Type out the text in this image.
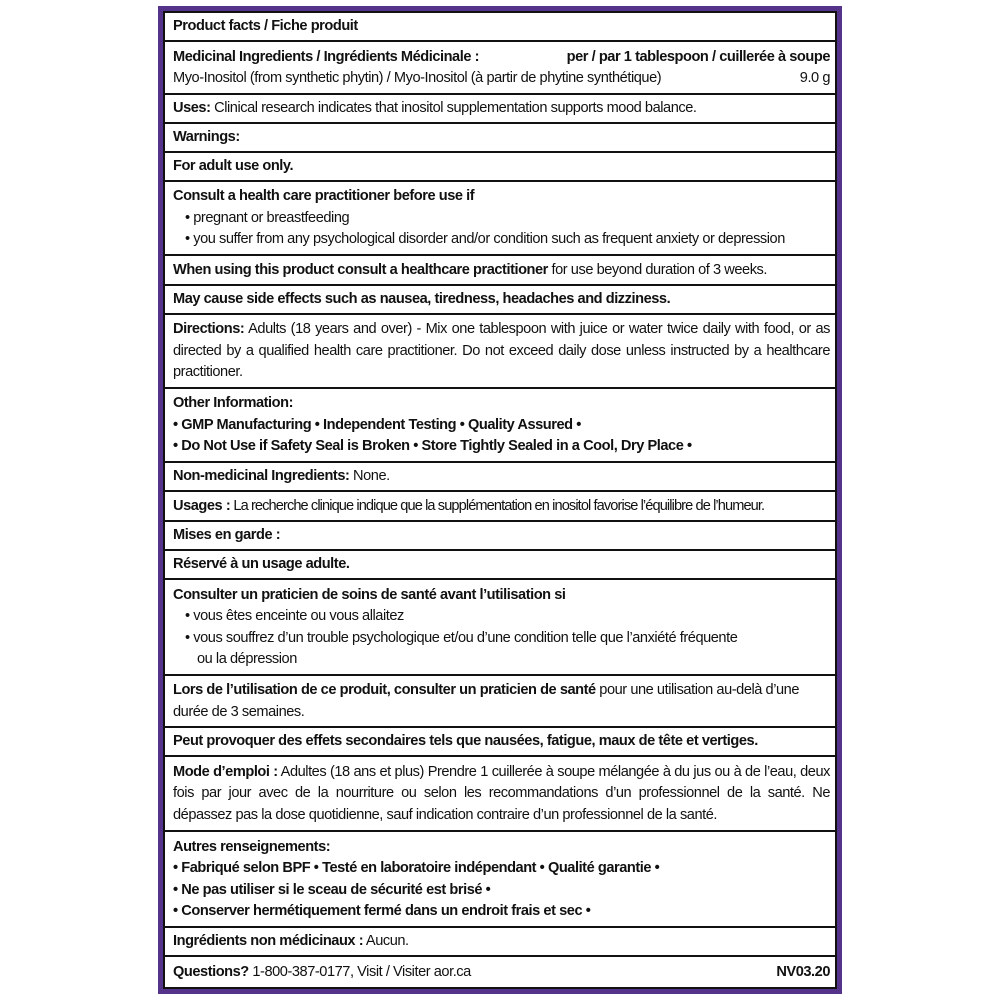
Product facts / Fiche produit
Medicinal Ingredients / Ingrédients Médicinale :	per / par 1 tablespoon / cuillerée à soupe
Myo-Inositol (from synthetic phytin) / Myo-Inositol (à partir de phytine synthétique)	9.0 g
Uses: Clinical research indicates that inositol supplementation supports mood balance.
Warnings:
For adult use only.
Consult a health care practitioner before use if
• pregnant or breastfeeding
• you suffer from any psychological disorder and/or condition such as frequent anxiety or depression
When using this product consult a healthcare practitioner for use beyond duration of 3 weeks.
May cause side effects such as nausea, tiredness, headaches and dizziness.
Directions: Adults (18 years and over) - Mix one tablespoon with juice or water twice daily with food, or as directed by a qualified health care practitioner. Do not exceed daily dose unless instructed by a healthcare practitioner.
Other Information:
• GMP Manufacturing • Independent Testing • Quality Assured •
• Do Not Use if Safety Seal is Broken • Store Tightly Sealed in a Cool, Dry Place •
Non-medicinal Ingredients: None.
Usages : La recherche clinique indique que la supplémentation en inositol favorise l’équilibre de l’humeur.
Mises en garde :
Réservé à un usage adulte.
Consulter un praticien de soins de santé avant l’utilisation si
• vous êtes enceinte ou vous allaitez
• vous souffrez d’un trouble psychologique et/ou d’une condition telle que l’anxiété fréquente
ou la dépression
Lors de l’utilisation de ce produit, consulter un praticien de santé pour une utilisation au-delà d’une durée de 3 semaines.
Peut provoquer des effets secondaires tels que nausées, fatigue, maux de tête et vertiges.
Mode d’emploi : Adultes (18 ans et plus) Prendre 1 cuillerée à soupe mélangée à du jus ou à de l’eau, deux fois par jour avec de la nourriture ou selon les recommandations d’un professionnel de la santé. Ne dépassez pas la dose quotidienne, sauf indication contraire d’un professionnel de la santé.
Autres renseignements:
• Fabriqué selon BPF • Testé en laboratoire indépendant • Qualité garantie •
• Ne pas utiliser si le sceau de sécurité est brisé •
• Conserver hermétiquement fermé dans un endroit frais et sec •
Ingrédients non médicinaux : Aucun.
Questions? 1-800-387-0177, Visit / Visiter aor.ca	NV03.20
